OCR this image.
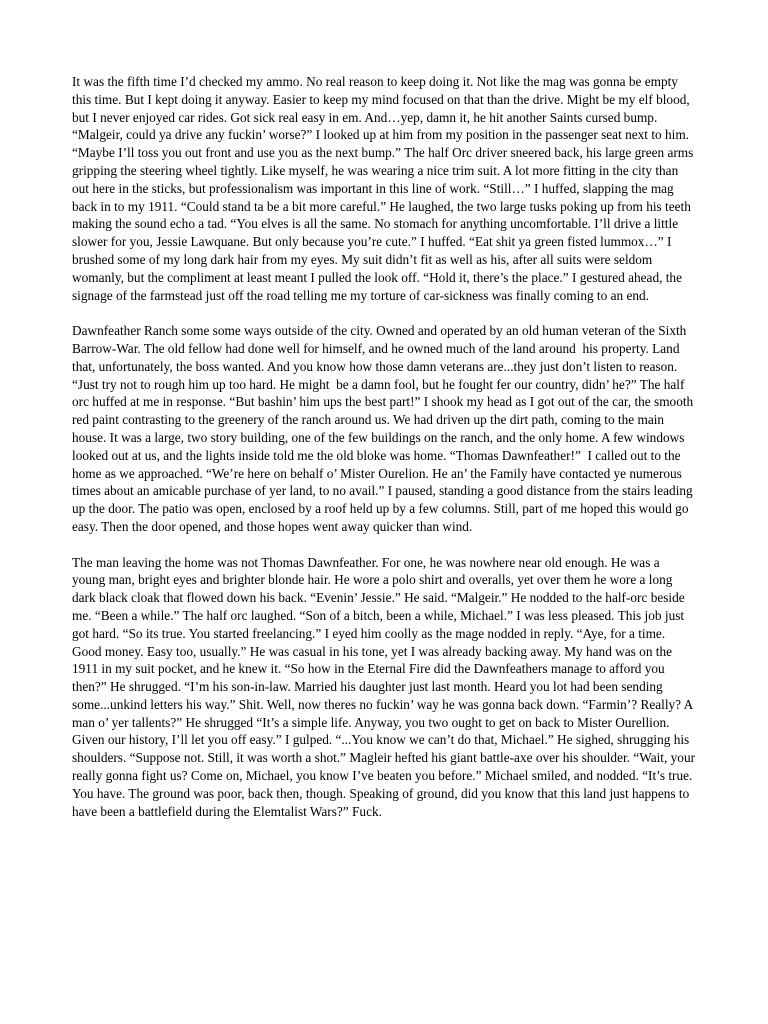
It was the fifth time I’d checked my ammo. No real reason to keep doing it. Not like the mag was gonna be empty this time. But I kept doing it anyway. Easier to keep my mind focused on that than the drive. Might be my elf blood, but I never enjoyed car rides. Got sick real easy in em. And…yep, damn it, he hit another Saints cursed bump. “Malgeir, could ya drive any fuckin’ worse?” I looked up at him from my position in the passenger seat next to him. “Maybe I’ll toss you out front and use you as the next bump.” The half Orc driver sneered back, his large green arms gripping the steering wheel tightly. Like myself, he was wearing a nice trim suit. A lot more fitting in the city than out here in the sticks, but professionalism was important in this line of work. “Still…” I huffed, slapping the mag back in to my 1911. “Could stand ta be a bit more careful.” He laughed, the two large tusks poking up from his teeth making the sound echo a tad. “You elves is all the same. No stomach for anything uncomfortable. I’ll drive a little slower for you, Jessie Lawquane. But only because you’re cute.” I huffed. “Eat shit ya green fisted lummox…” I brushed some of my long dark hair from my eyes. My suit didn’t fit as well as his, after all suits were seldom womanly, but the compliment at least meant I pulled the look off. “Hold it, there’s the place.” I gestured ahead, the signage of the farmstead just off the road telling me my torture of car-sickness was finally coming to an end.

Dawnfeather Ranch some some ways outside of the city. Owned and operated by an old human veteran of the Sixth Barrow-War. The old fellow had done well for himself, and he owned much of the land around  his property. Land that, unfortunately, the boss wanted. And you know how those damn veterans are...they just don’t listen to reason. “Just try not to rough him up too hard. He might  be a damn fool, but he fought fer our country, didn’ he?” The half orc huffed at me in response. “But bashin’ him ups the best part!” I shook my head as I got out of the car, the smooth red paint contrasting to the greenery of the ranch around us. We had driven up the dirt path, coming to the main house. It was a large, two story building, one of the few buildings on the ranch, and the only home. A few windows looked out at us, and the lights inside told me the old bloke was home. “Thomas Dawnfeather!”  I called out to the home as we approached. “We’re here on behalf o’ Mister Ourelion. He an’ the Family have contacted ye numerous times about an amicable purchase of yer land, to no avail.” I paused, standing a good distance from the stairs leading up the door. The patio was open, enclosed by a roof held up by a few columns. Still, part of me hoped this would go easy. Then the door opened, and those hopes went away quicker than wind.

The man leaving the home was not Thomas Dawnfeather. For one, he was nowhere near old enough. He was a young man, bright eyes and brighter blonde hair. He wore a polo shirt and overalls, yet over them he wore a long dark black cloak that flowed down his back. “Evenin’ Jessie.” He said. “Malgeir.” He nodded to the half-orc beside me. “Been a while.” The half orc laughed. “Son of a bitch, been a while, Michael.” I was less pleased. This job just got hard. “So its true. You started freelancing.” I eyed him coolly as the mage nodded in reply. “Aye, for a time. Good money. Easy too, usually.” He was casual in his tone, yet I was already backing away. My hand was on the 1911 in my suit pocket, and he knew it. “So how in the Eternal Fire did the Dawnfeathers manage to afford you then?” He shrugged. “I’m his son-in-law. Married his daughter just last month. Heard you lot had been sending some...unkind letters his way.” Shit. Well, now theres no fuckin’ way he was gonna back down. “Farmin’? Really? A man o’ yer tallents?” He shrugged “It’s a simple life. Anyway, you two ought to get on back to Mister Ourellion. Given our history, I’ll let you off easy.” I gulped. “...You know we can’t do that, Michael.” He sighed, shrugging his shoulders. “Suppose not. Still, it was worth a shot.” Magleir hefted his giant battle-axe over his shoulder. “Wait, your really gonna fight us? Come on, Michael, you know I’ve beaten you before.” Michael smiled, and nodded. “It’s true. You have. The ground was poor, back then, though. Speaking of ground, did you know that this land just happens to have been a battlefield during the Elemtalist Wars?” Fuck.
